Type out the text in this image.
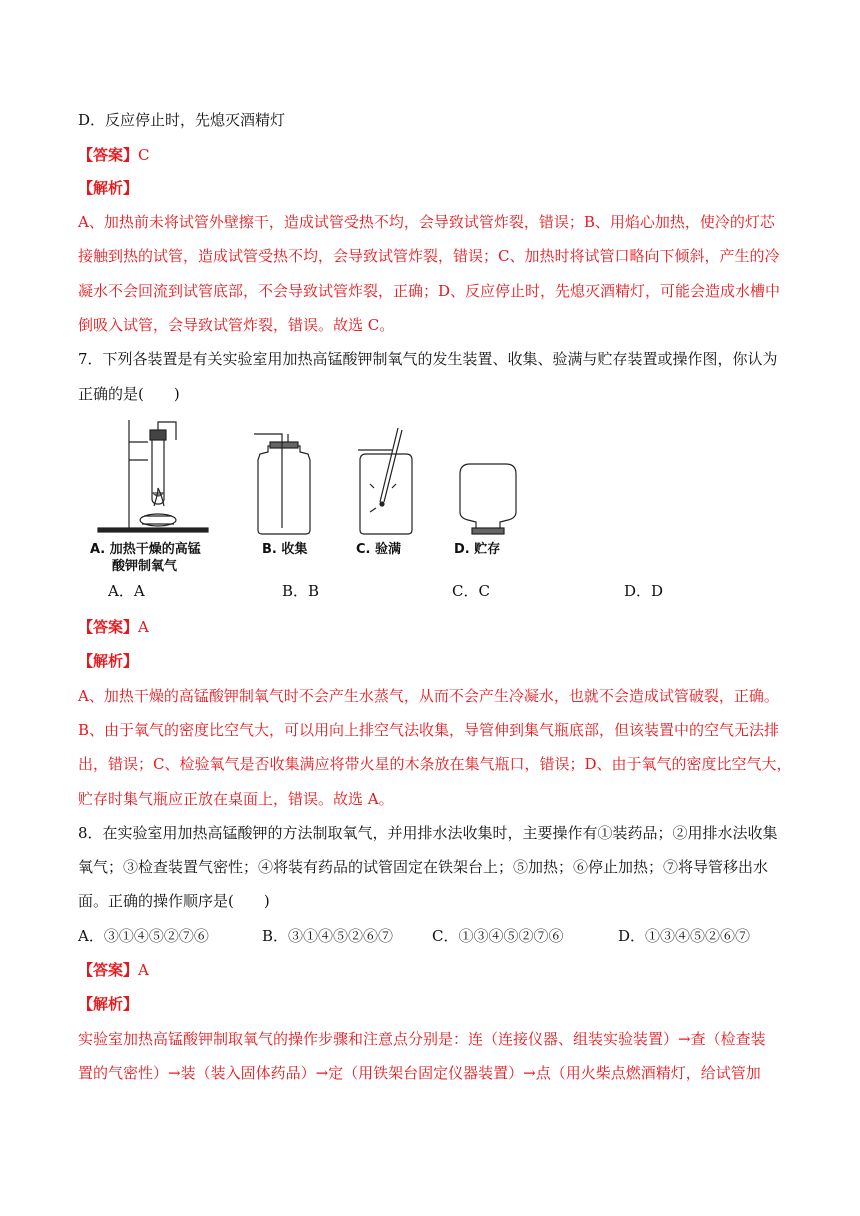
D．反应停止时，先熄灭酒精灯
【答案】C
【解析】
A、加热前未将试管外壁擦干，造成试管受热不均，会导致试管炸裂，错误；B、用焰心加热，使冷的灯芯
接触到热的试管，造成试管受热不均，会导致试管炸裂，错误；C、加热时将试管口略向下倾斜，产生的冷
凝水不会回流到试管底部，不会导致试管炸裂，正确；D、反应停止时，先熄灭酒精灯，可能会造成水槽中
倒吸入试管，会导致试管炸裂，错误。故选 C。
7．下列各装置是有关实验室用加热高锰酸钾制氧气的发生装置、收集、验满与贮存装置或操作图，你认为
正确的是(　　)
A. 加热干燥的高锰
酸钾制氧气
B. 收集	C. 验满	D. 贮存
A．A	B．B	C．C	D．D
【答案】A
【解析】
A、加热干燥的高锰酸钾制氧气时不会产生水蒸气，从而不会产生冷凝水，也就不会造成试管破裂，正确。
B、由于氧气的密度比空气大，可以用向上排空气法收集，导管伸到集气瓶底部，但该装置中的空气无法排
出，错误；C、检验氧气是否收集满应将带火星的木条放在集气瓶口，错误；D、由于氧气的密度比空气大，
贮存时集气瓶应正放在桌面上，错误。故选 A。
8．在实验室用加热高锰酸钾的方法制取氧气，并用排水法收集时，主要操作有①装药品；②用排水法收集
氧气；③检查装置气密性；④将装有药品的试管固定在铁架台上；⑤加热；⑥停止加热；⑦将导管移出水
面。正确的操作顺序是(　　)
A．③①④⑤②⑦⑥	B．③①④⑤②⑥⑦	C．①③④⑤②⑦⑥	D．①③④⑤②⑥⑦
【答案】A
【解析】
实验室加热高锰酸钾制取氧气的操作步骤和注意点分别是：连（连接仪器、组装实验装置）→查（检查装
置的气密性）→装（装入固体药品）→定（用铁架台固定仪器装置）→点（用火柴点燃酒精灯，给试管加
